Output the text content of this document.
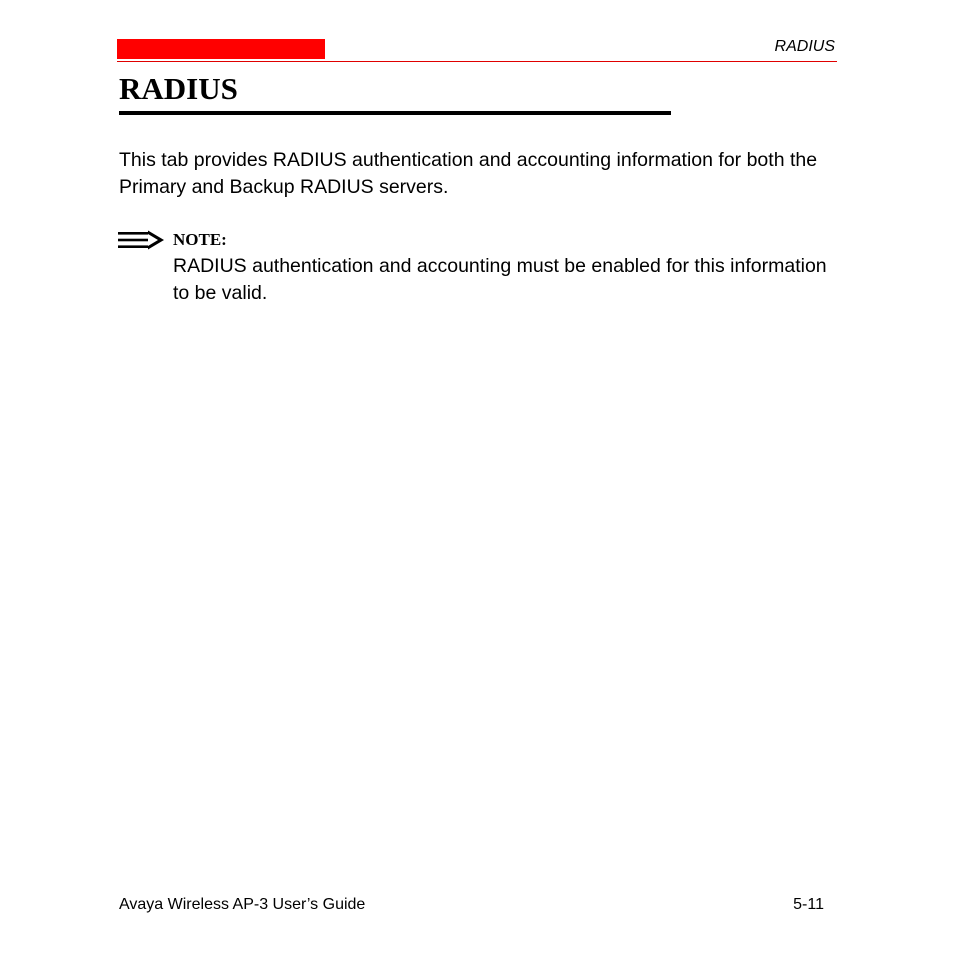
RADIUS
RADIUS

This tab provides RADIUS authentication and accounting information for both the Primary and Backup RADIUS servers.

NOTE:

RADIUS authentication and accounting must be enabled for this information to be valid.

Avaya Wireless AP-3 User’s Guide	5-11
